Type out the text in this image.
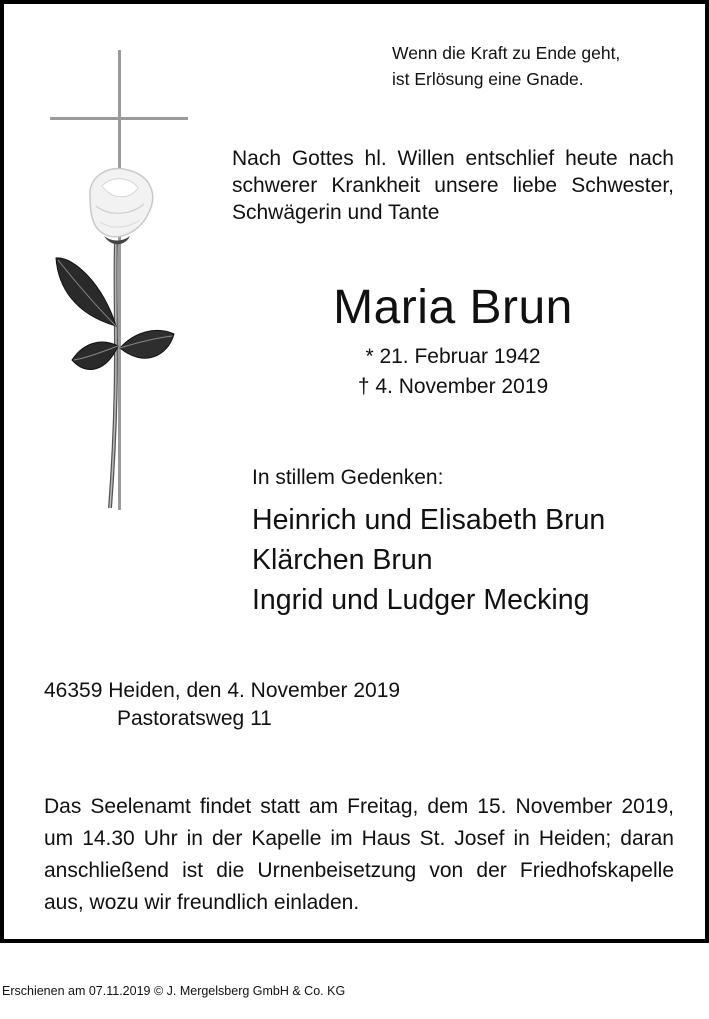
Wenn die Kraft zu Ende geht,
ist Erlösung eine Gnade.
Nach Gottes hl. Willen entschlief heute nach schwerer Krankheit unsere liebe Schwester, Schwägerin und Tante
Maria Brun
* 21. Februar 1942
† 4. November 2019
In stillem Gedenken:
Heinrich und Elisabeth Brun
Klärchen Brun
Ingrid und Ludger Mecking
46359 Heiden, den 4. November 2019
Pastoratsweg 11
Das Seelenamt findet statt am Freitag, dem 15. November 2019, um 14.30 Uhr in der Kapelle im Haus St. Josef in Heiden; daran anschließend ist die Urnenbeisetzung von der Friedhofskapelle aus, wozu wir freundlich einladen.
Erschienen am 07.11.2019 © J. Mergelsberg GmbH & Co. KG
